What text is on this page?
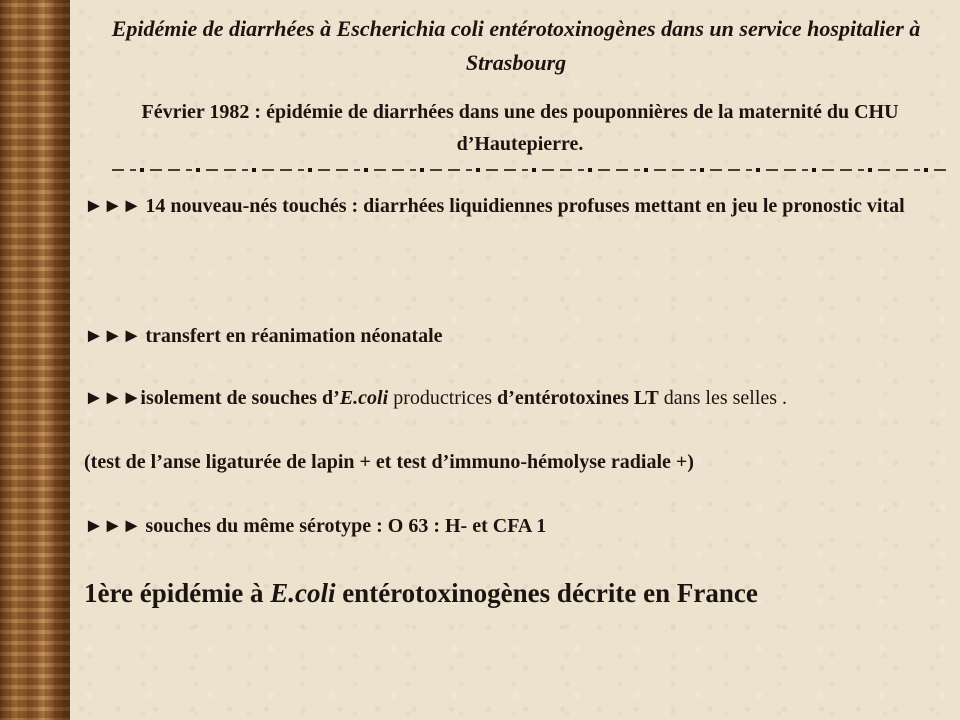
Epidémie de diarrhées à Escherichia coli entérotoxinogènes dans un service hospitalier à Strasbourg
Février 1982 : épidémie de diarrhées dans une des pouponnières de la maternité du CHU d’Hautepierre.
►►► 14 nouveau-nés touchés : diarrhées liquidiennes profuses mettant en jeu le pronostic vital
►►► transfert en réanimation néonatale
►►►isolement de souches d’E.coli productrices d’entérotoxines LT dans les selles .
(test de l’anse ligaturée de lapin + et test d’immuno-hémolyse radiale +)
►►► souches du même sérotype : O 63 : H- et CFA 1
1ère épidémie à E.coli entérotoxinogènes décrite en France
